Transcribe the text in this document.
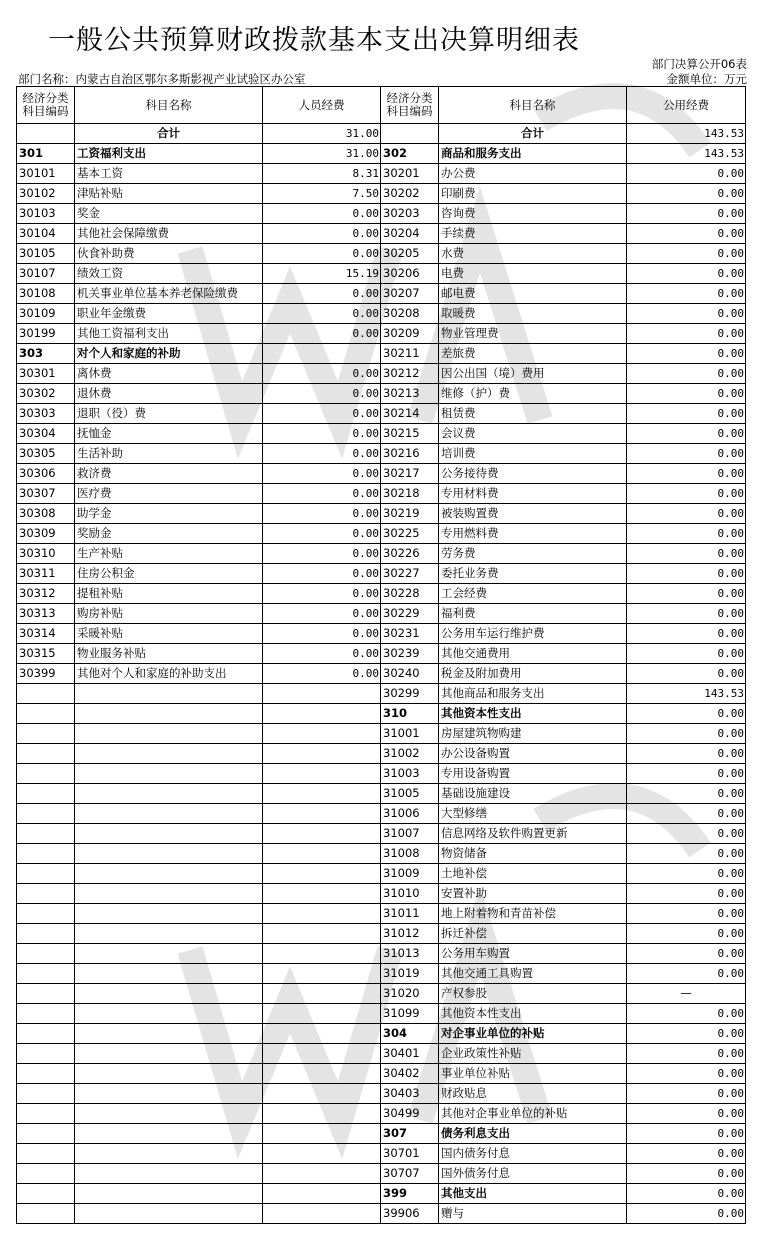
一般公共预算财政拨款基本支出决算明细表
部门决算公开06表
部门名称：内蒙古自治区鄂尔多斯影视产业试验区办公室	金额单位：万元
经济分类科目编码	科目名称	人员经费	经济分类科目编码	科目名称	公用经费
	合计	31.00		合计	143.53
301	工资福利支出	31.00	302	商品和服务支出	143.53
30101	基本工资	8.31	30201	办公费	0.00
30102	津贴补贴	7.50	30202	印刷费	0.00
30103	奖金	0.00	30203	咨询费	0.00
30104	其他社会保障缴费	0.00	30204	手续费	0.00
30105	伙食补助费	0.00	30205	水费	0.00
30107	绩效工资	15.19	30206	电费	0.00
30108	机关事业单位基本养老保险缴费	0.00	30207	邮电费	0.00
30109	职业年金缴费	0.00	30208	取暖费	0.00
30199	其他工资福利支出	0.00	30209	物业管理费	0.00
303	对个人和家庭的补助		30211	差旅费	0.00
30301	离休费	0.00	30212	因公出国（境）费用	0.00
30302	退休费	0.00	30213	维修（护）费	0.00
30303	退职（役）费	0.00	30214	租赁费	0.00
30304	抚恤金	0.00	30215	会议费	0.00
30305	生活补助	0.00	30216	培训费	0.00
30306	救济费	0.00	30217	公务接待费	0.00
30307	医疗费	0.00	30218	专用材料费	0.00
30308	助学金	0.00	30219	被装购置费	0.00
30309	奖励金	0.00	30225	专用燃料费	0.00
30310	生产补贴	0.00	30226	劳务费	0.00
30311	住房公积金	0.00	30227	委托业务费	0.00
30312	提租补贴	0.00	30228	工会经费	0.00
30313	购房补贴	0.00	30229	福利费	0.00
30314	采暖补贴	0.00	30231	公务用车运行维护费	0.00
30315	物业服务补贴	0.00	30239	其他交通费用	0.00
30399	其他对个人和家庭的补助支出	0.00	30240	税金及附加费用	0.00
			30299	其他商品和服务支出	143.53
			310	其他资本性支出	0.00
			31001	房屋建筑物购建	0.00
			31002	办公设备购置	0.00
			31003	专用设备购置	0.00
			31005	基础设施建设	0.00
			31006	大型修缮	0.00
			31007	信息网络及软件购置更新	0.00
			31008	物资储备	0.00
			31009	土地补偿	0.00
			31010	安置补助	0.00
			31011	地上附着物和青苗补偿	0.00
			31012	拆迁补偿	0.00
			31013	公务用车购置	0.00
			31019	其他交通工具购置	0.00
			31020	产权参股	—
			31099	其他资本性支出	0.00
			304	对企事业单位的补贴	0.00
			30401	企业政策性补贴	0.00
			30402	事业单位补贴	0.00
			30403	财政贴息	0.00
			30499	其他对企事业单位的补贴	0.00
			307	债务利息支出	0.00
			30701	国内债务付息	0.00
			30707	国外债务付息	0.00
			399	其他支出	0.00
			39906	赠与	0.00
